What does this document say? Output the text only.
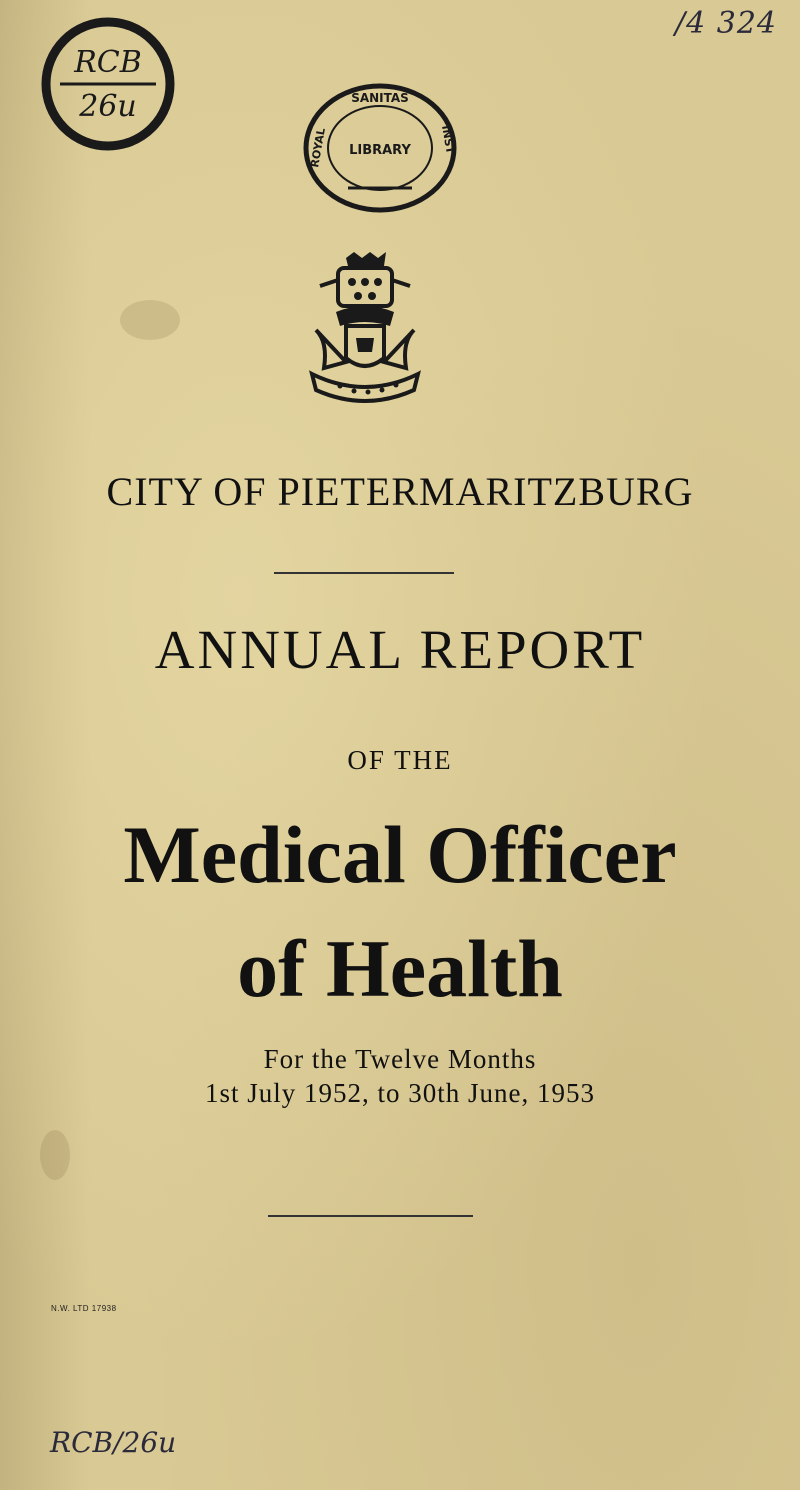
/4 324
RCB
26u	SANITAS
LIBRARY
ROYAL	INST
CITY OF PIETERMARITZBURG
ANNUAL REPORT
OF THE
Medical Officer
of Health
For the Twelve Months
1st July 1952, to 30th June, 1953
N.W. LTD 17938
RCB/26u
